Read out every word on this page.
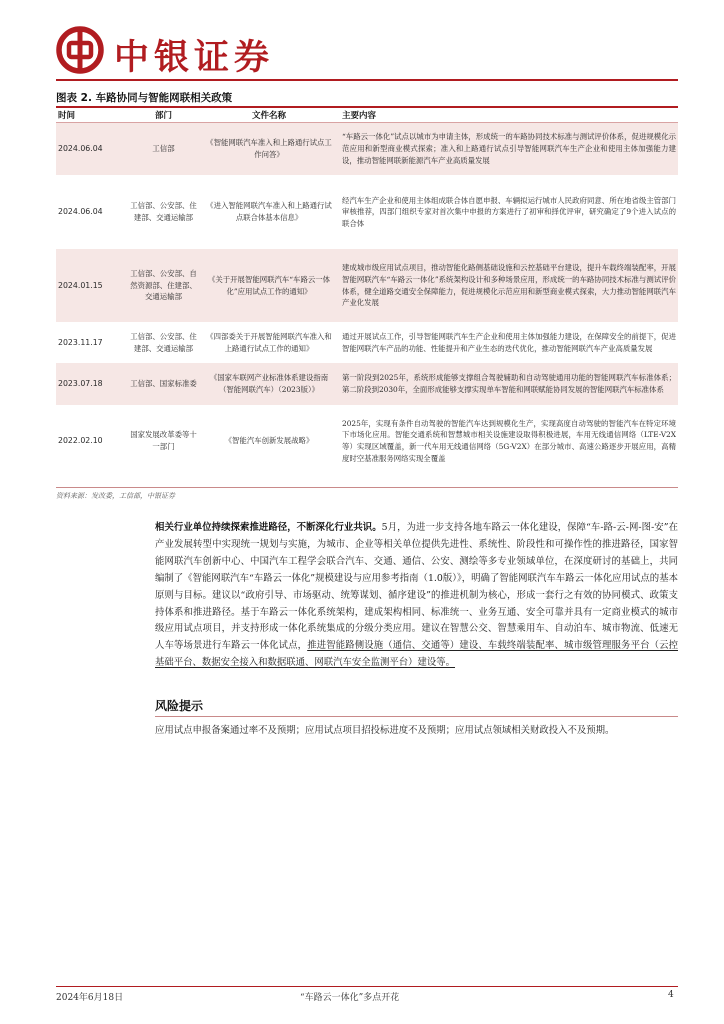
中银证券
图表 2. 车路协同与智能网联相关政策
时间	部门	文件名称	主要内容
2024.06.04	工信部	《智能网联汽车准入和上路通行试点工作问答》	“车路云一体化”试点以城市为申请主体，形成统一的车路协同技术标准与测试评价体系，促进规模化示范应用和新型商业模式探索；准入和上路通行试点引导智能网联汽车生产企业和使用主体加强能力建设，推动智能网联新能源汽车产业高质量发展
2024.06.04	工信部、公安部、住建部、交通运输部	《进入智能网联汽车准入和上路通行试点联合体基本信息》	经汽车生产企业和使用主体组成联合体自愿申报、车辆拟运行城市人民政府同意、所在地省级主管部门审核推荐，四部门组织专家对首次集中申报的方案进行了初审和择优评审，研究确定了9个进入试点的联合体
2024.01.15	工信部、公安部、自然资源部、住建部、交通运输部	《关于开展智能网联汽车“车路云一体化”应用试点工作的通知》	建成城市级应用试点项目，推动智能化路侧基础设施和云控基础平台建设，提升车载终端装配率，开展智能网联汽车“车路云一体化”系统架构设计和多种场景应用，形成统一的车路协同技术标准与测试评价体系，健全道路交通安全保障能力，促进规模化示范应用和新型商业模式探索，大力推动智能网联汽车产业化发展
2023.11.17	工信部、公安部、住建部、交通运输部	《四部委关于开展智能网联汽车准入和上路通行试点工作的通知》	通过开展试点工作，引导智能网联汽车生产企业和使用主体加强能力建设，在保障安全的前提下，促进智能网联汽车产品的功能、性能提升和产业生态的迭代优化，推动智能网联汽车产业高质量发展
2023.07.18	工信部、国家标准委	《国家车联网产业标准体系建设指南（智能网联汽车）（2023版）》	第一阶段到2025年，系统形成能够支撑组合驾驶辅助和自动驾驶通用功能的智能网联汽车标准体系；第二阶段到2030年，全面形成能够支撑实现单车智能和网联赋能协同发展的智能网联汽车标准体系
2022.02.10	国家发展改革委等十一部门	《智能汽车创新发展战略》	2025年，实现有条件自动驾驶的智能汽车达到规模化生产，实现高度自动驾驶的智能汽车在特定环境下市场化应用。智能交通系统和智慧城市相关设施建设取得积极进展，车用无线通信网络（LTE-V2X等）实现区域覆盖，新一代车用无线通信网络（5G-V2X）在部分城市、高速公路逐步开展应用，高精度时空基准服务网络实现全覆盖
资料来源：发改委，工信部，中银证券
相关行业单位持续探索推进路径，不断深化行业共识。5月，为进一步支持各地车路云一体化建设，保障“车-路-云-网-图-安”在产业发展转型中实现统一规划与实施，为城市、企业等相关单位提供先进性、系统性、阶段性和可操作性的推进路径，国家智能网联汽车创新中心、中国汽车工程学会联合汽车、交通、通信、公安、测绘等多专业领域单位，在深度研讨的基础上，共同编制了《智能网联汽车“车路云一体化”规模建设与应用参考指南（1.0版）》，明确了智能网联汽车车路云一体化应用试点的基本原则与目标。建议以“政府引导、市场驱动、统筹谋划、循序建设”的推进机制为核心，形成一套行之有效的协同模式、政策支持体系和推进路径。基于车路云一体化系统架构，建成架构相同、标准统一、业务互通、安全可靠并具有一定商业模式的城市级应用试点项目，并支持形成一体化系统集成的分级分类应用。建议在智慧公交、智慧乘用车、自动泊车、城市物流、低速无人车等场景进行车路云一体化试点，推进智能路侧设施（通信、交通等）建设、车载终端装配率、城市级管理服务平台（云控基础平台、数据安全接入和数据联通、网联汽车安全监测平台）建设等。
风险提示
应用试点申报备案通过率不及预期；应用试点项目招投标进度不及预期；应用试点领域相关财政投入不及预期。
2024年6月18日	“车路云一体化”多点开花	4
